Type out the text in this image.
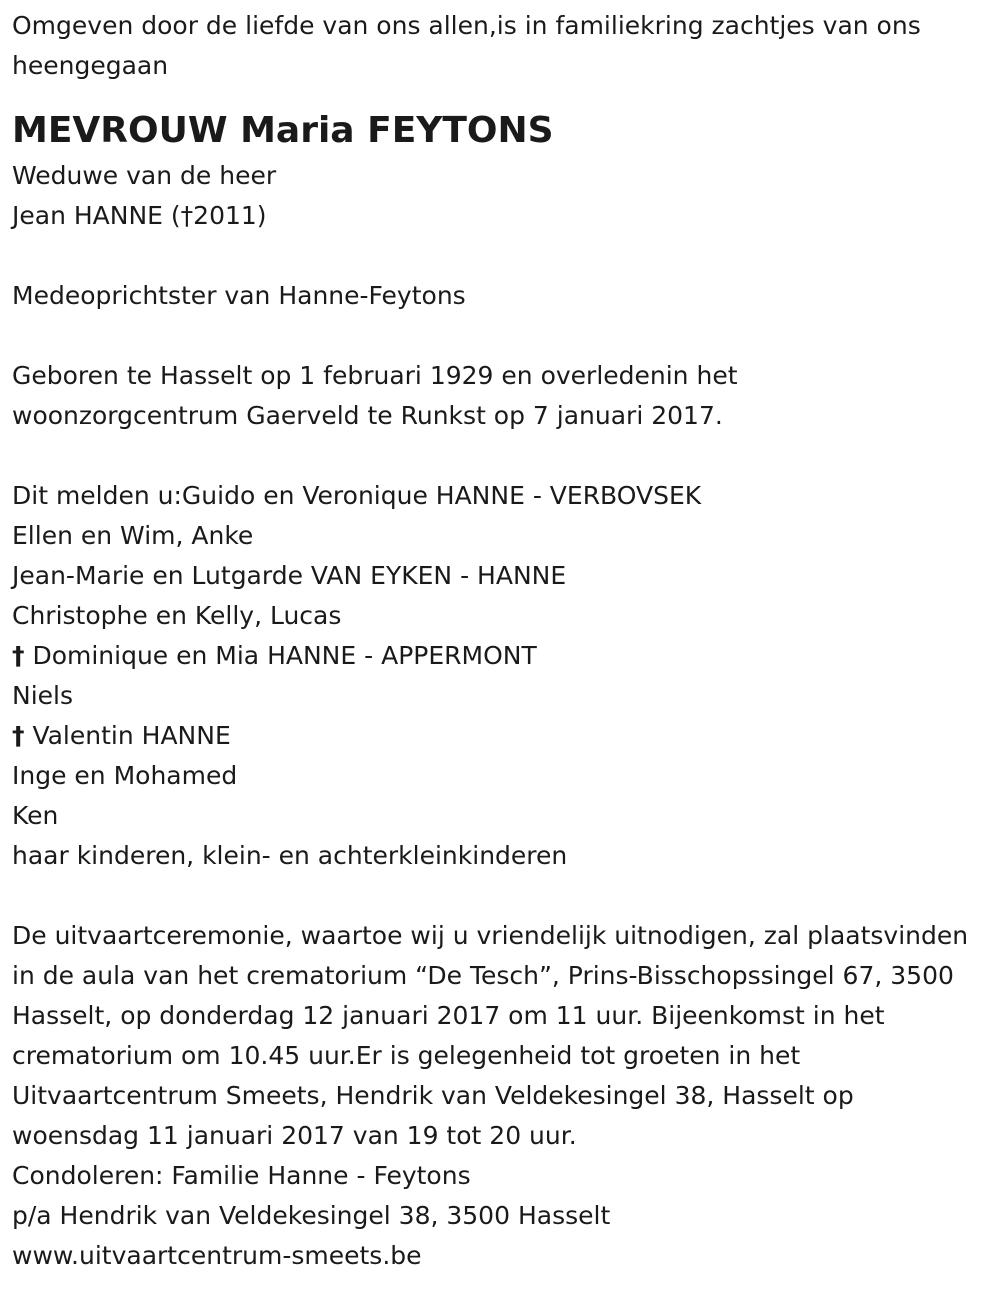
Omgeven door de liefde van ons allen,is in familiekring zachtjes van ons heengegaan

MEVROUW Maria FEYTONS

Weduwe van de heer

Jean HANNE (†2011)

Medeoprichtster van Hanne-Feytons

Geboren te Hasselt op 1 februari 1929 en overledenin het

woonzorgcentrum Gaerveld te Runkst op 7 januari 2017.

Dit melden u:Guido en Veronique HANNE - VERBOVSEK

Ellen en Wim, Anke

Jean-Marie en Lutgarde VAN EYKEN - HANNE

Christophe en Kelly, Lucas

† Dominique en Mia HANNE - APPERMONT

Niels

† Valentin HANNE

Inge en Mohamed

Ken

haar kinderen, klein- en achterkleinkinderen

De uitvaartceremonie, waartoe wij u vriendelijk uitnodigen, zal plaatsvinden in de aula van het crematorium “De Tesch”, Prins-Bisschopssingel 67, 3500 Hasselt, op donderdag 12 januari 2017 om 11 uur. Bijeenkomst in het crematorium om 10.45 uur.Er is gelegenheid tot groeten in het Uitvaartcentrum Smeets, Hendrik van Veldekesingel 38, Hasselt op woensdag 11 januari 2017 van 19 tot 20 uur.

Condoleren: Familie Hanne - Feytons

p/a Hendrik van Veldekesingel 38, 3500 Hasselt

www.uitvaartcentrum-smeets.be
